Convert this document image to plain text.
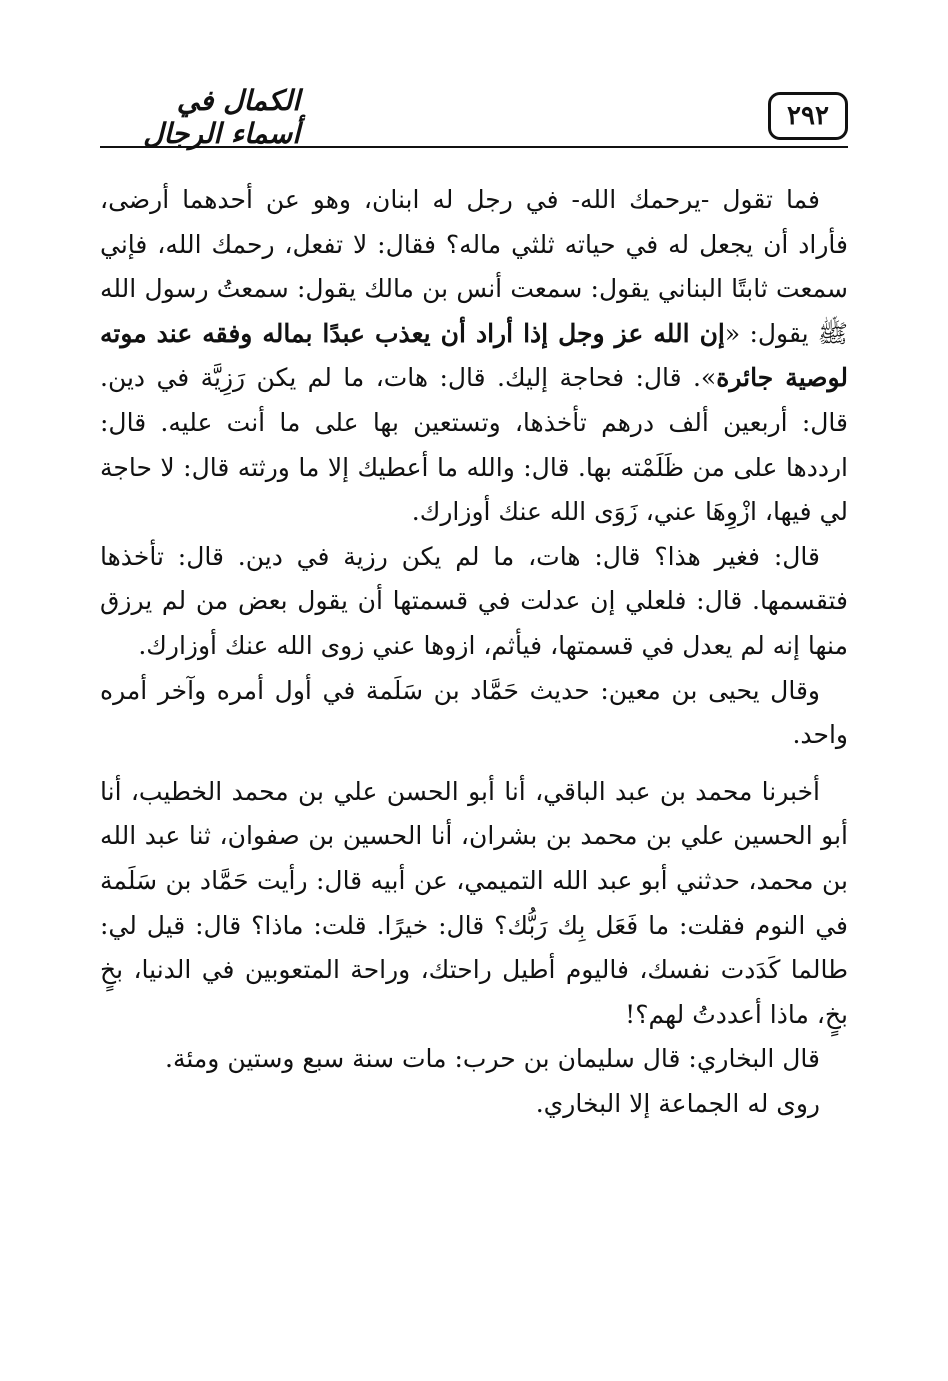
٢٩٢
الكمال في أسماء الرجال

فما تقول -يرحمك الله- في رجل له ابنان، وهو عن أحدهما أرضى، فأراد أن يجعل له في حياته ثلثي ماله؟ فقال: لا تفعل، رحمك الله، فإني سمعت ثابتًا البناني يقول: سمعت أنس بن مالك يقول: سمعتُ رسول الله ﷺ يقول: «إن الله عز وجل إذا أراد أن يعذب عبدًا بماله وفقه عند موته لوصية جائرة». قال: فحاجة إليك. قال: هات، ما لم يكن رَزِيَّة في دين. قال: أربعين ألف درهم تأخذها، وتستعين بها على ما أنت عليه. قال: ارددها على من ظَلَمْته بها. قال: والله ما أعطيك إلا ما ورثته قال: لا حاجة لي فيها، ازْوِهَا عني، زَوَى الله عنك أوزارك.

قال: فغير هذا؟ قال: هات، ما لم يكن رزية في دين. قال: تأخذها فتقسمها. قال: فلعلي إن عدلت في قسمتها أن يقول بعض من لم يرزق منها إنه لم يعدل في قسمتها، فيأثم، ازوها عني زوى الله عنك أوزارك.

وقال يحيى بن معين: حديث حَمَّاد بن سَلَمة في أول أمره وآخر أمره واحد.

أخبرنا محمد بن عبد الباقي، أنا أبو الحسن علي بن محمد الخطيب، أنا أبو الحسين علي بن محمد بن بشران، أنا الحسين بن صفوان، ثنا عبد الله بن محمد، حدثني أبو عبد الله التميمي، عن أبيه قال: رأيت حَمَّاد بن سَلَمة في النوم فقلت: ما فَعَل بِك رَبُّك؟ قال: خيرًا. قلت: ماذا؟ قال: قيل لي: طالما كَدَدت نفسك، فاليوم أطيل راحتك، وراحة المتعوبين في الدنيا، بخٍ بخٍ، ماذا أعددتُ لهم؟!

قال البخاري: قال سليمان بن حرب: مات سنة سبع وستين ومئة.

روى له الجماعة إلا البخاري.
